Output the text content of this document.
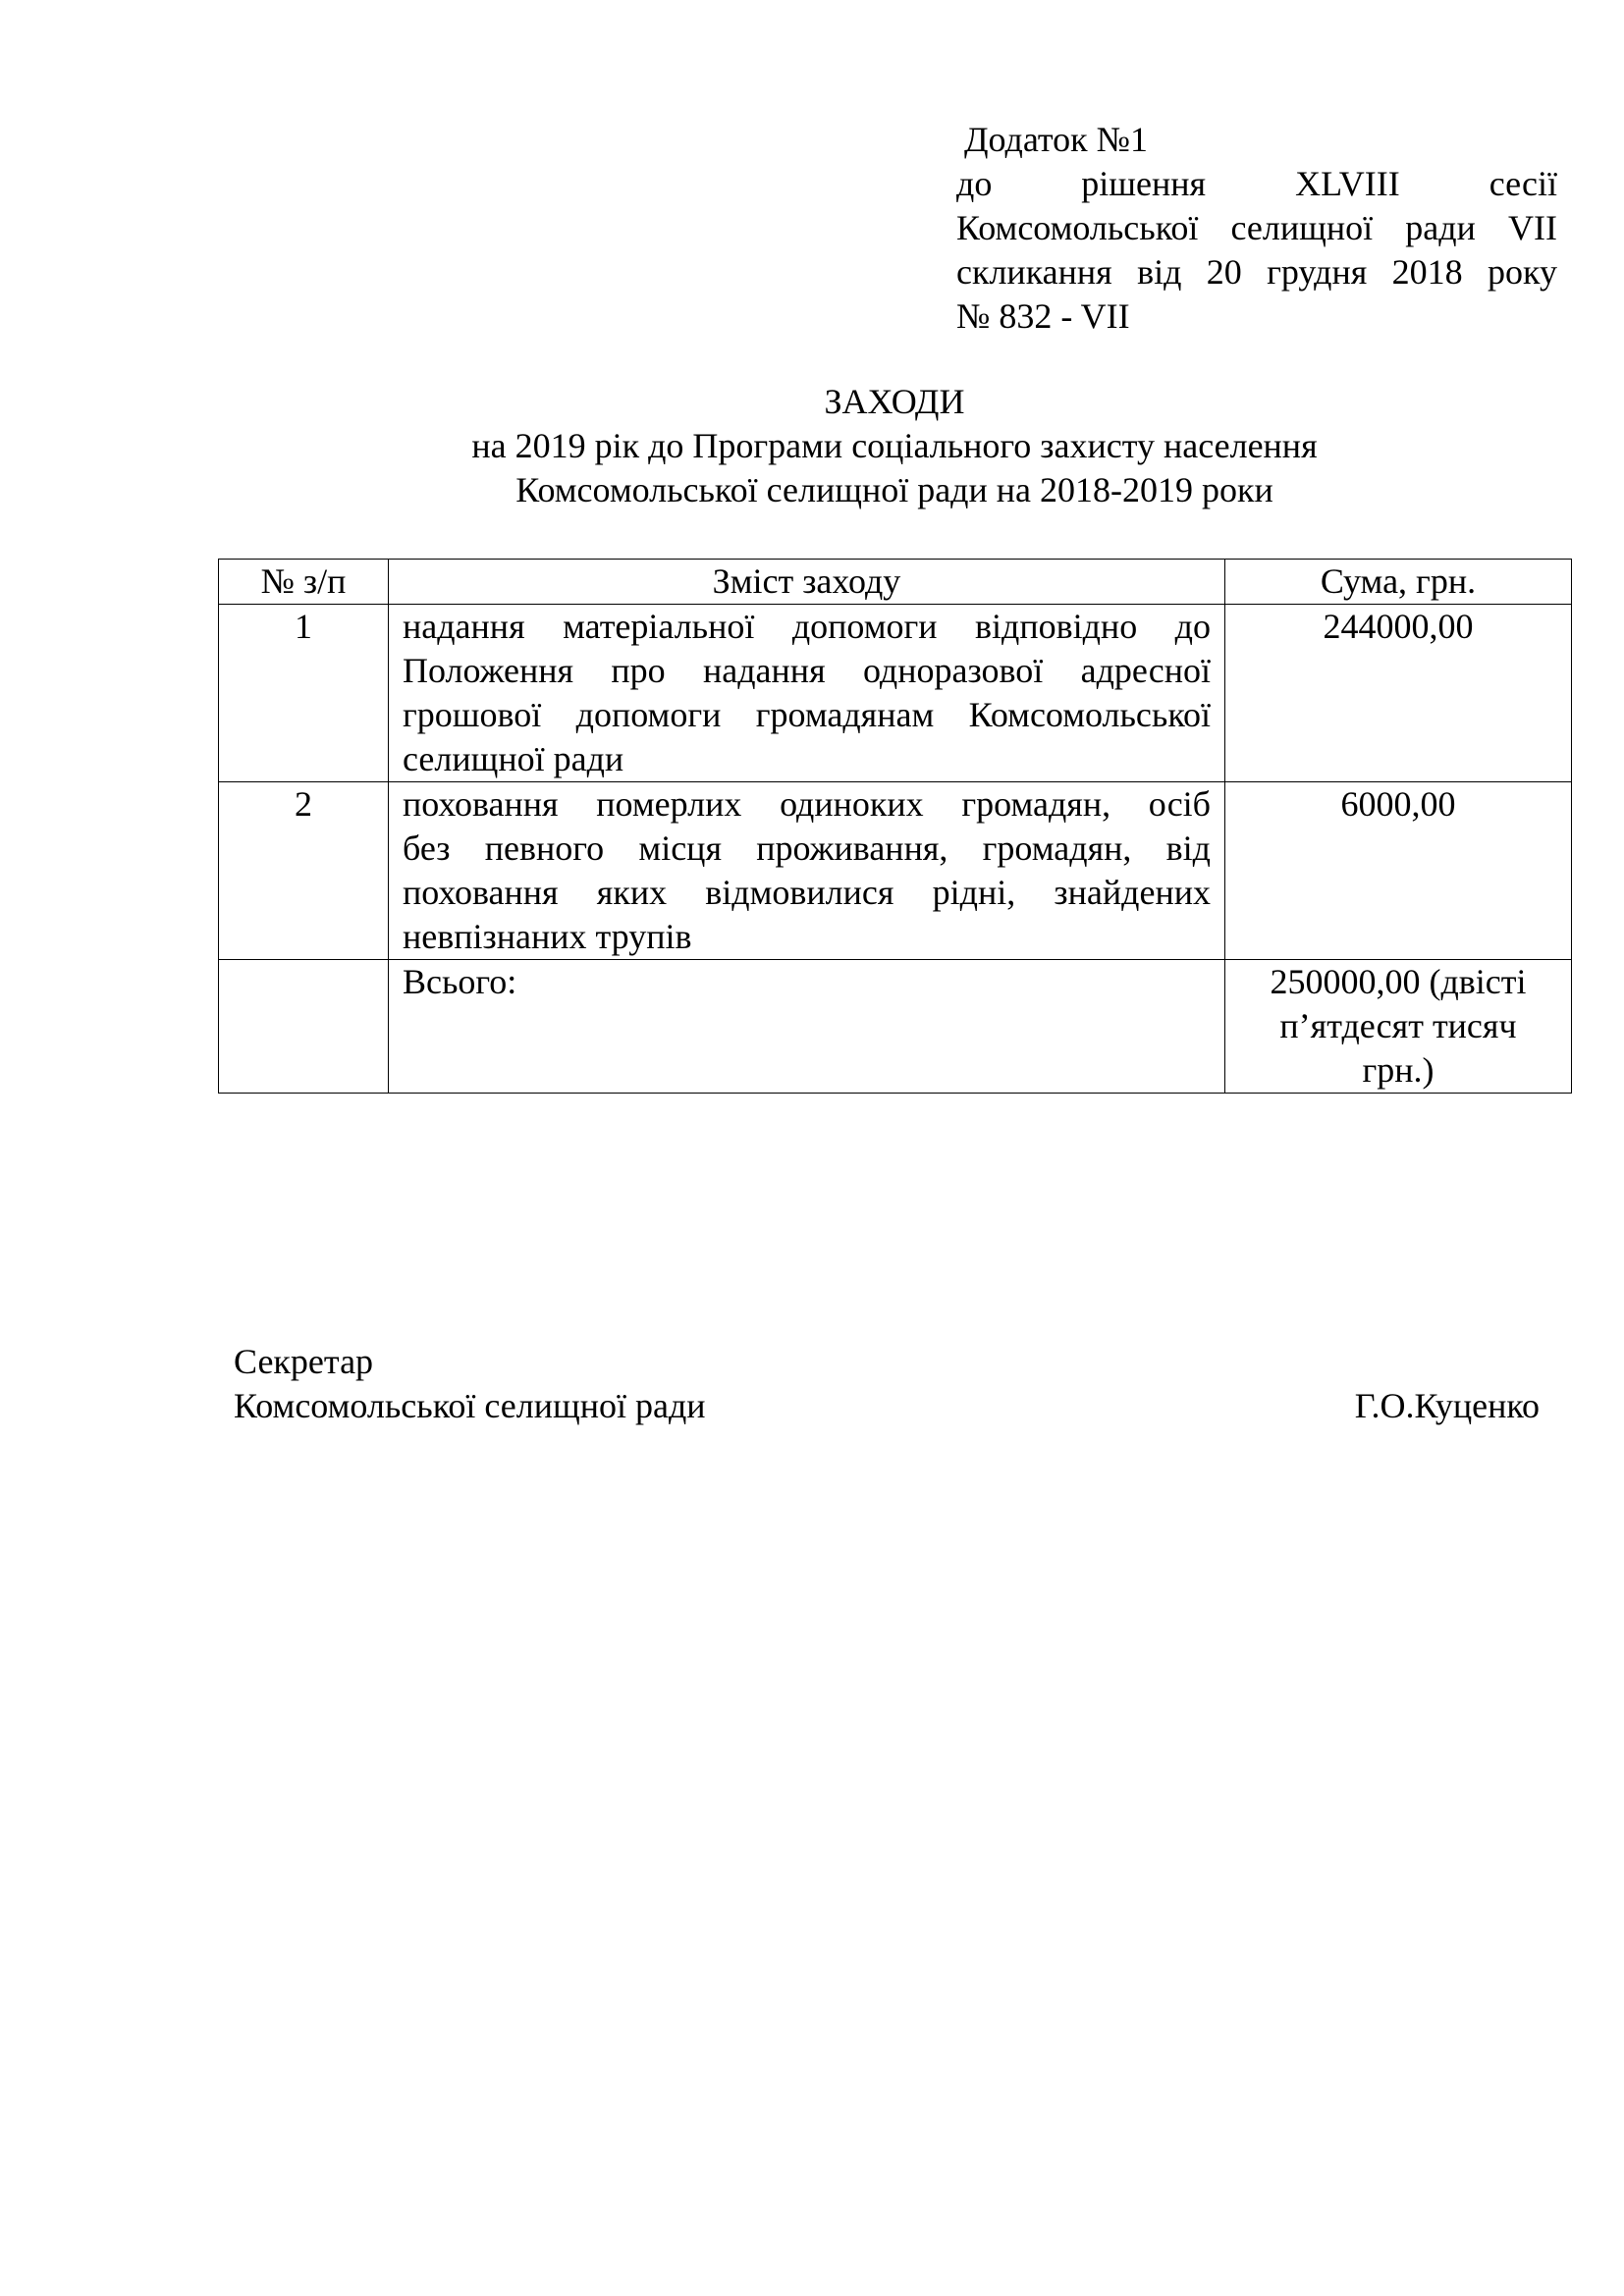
Додаток №1
до рішення XLVIII сесії
Комсомольської селищної ради VII
скликання від 20 грудня 2018 року
№ 832 - VII
ЗАХОДИ
на 2019 рік до Програми соціального захисту населення
Комсомольської селищної ради на 2018-2019 роки
№ з/п	Зміст заходу	Сума, грн.
1	надання матеріальної допомоги відповідно до
Положення про надання одноразової адресної
грошової допомоги громадянам Комсомольської
селищної ради	244000,00
2	поховання померлих одиноких громадян, осіб
без певного місця проживання, громадян, від
поховання яких відмовилися рідні, знайдених
невпізнаних трупів	6000,00
	Всього:	250000,00 (двісті
п’ятдесят тисяч
грн.)
Секретар
Комсомольської селищної ради	Г.О.Куценко
